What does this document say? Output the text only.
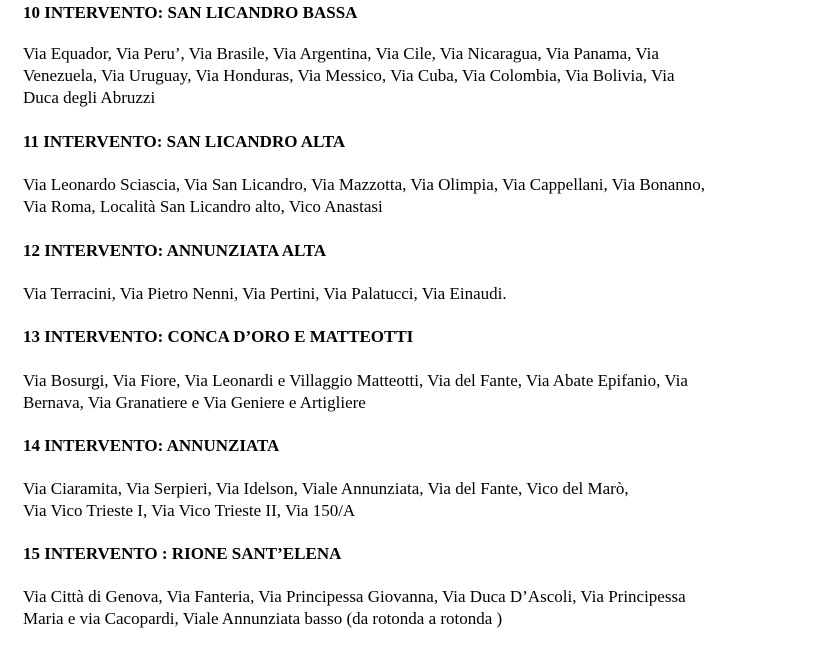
10 INTERVENTO: SAN LICANDRO BASSA

Via Equador, Via Peru’, Via Brasile, Via Argentina, Via Cile, Via Nicaragua, Via Panama, Via
Venezuela, Via Uruguay, Via Honduras, Via Messico, Via Cuba, Via Colombia, Via Bolivia, Via
Duca degli Abruzzi

11 INTERVENTO: SAN LICANDRO ALTA

Via Leonardo Sciascia, Via San Licandro, Via Mazzotta, Via Olimpia, Via Cappellani, Via Bonanno,
Via Roma, Località San Licandro alto, Vico Anastasi

12 INTERVENTO: ANNUNZIATA ALTA

Via Terracini, Via Pietro Nenni, Via Pertini, Via Palatucci, Via Einaudi.

13 INTERVENTO: CONCA D’ORO E MATTEOTTI

Via Bosurgi, Via Fiore, Via Leonardi e Villaggio Matteotti, Via del Fante, Via Abate Epifanio, Via
Bernava, Via Granatiere e Via Geniere e Artigliere

14 INTERVENTO: ANNUNZIATA

Via Ciaramita, Via Serpieri, Via Idelson, Viale Annunziata, Via del Fante, Vico del Marò,
Via Vico Trieste I, Via Vico Trieste II, Via 150/A

15 INTERVENTO : RIONE SANT’ELENA

Via Città di Genova, Via Fanteria, Via Principessa Giovanna, Via Duca D’Ascoli, Via Principessa
Maria e via Cacopardi, Viale Annunziata basso (da rotonda a rotonda )
